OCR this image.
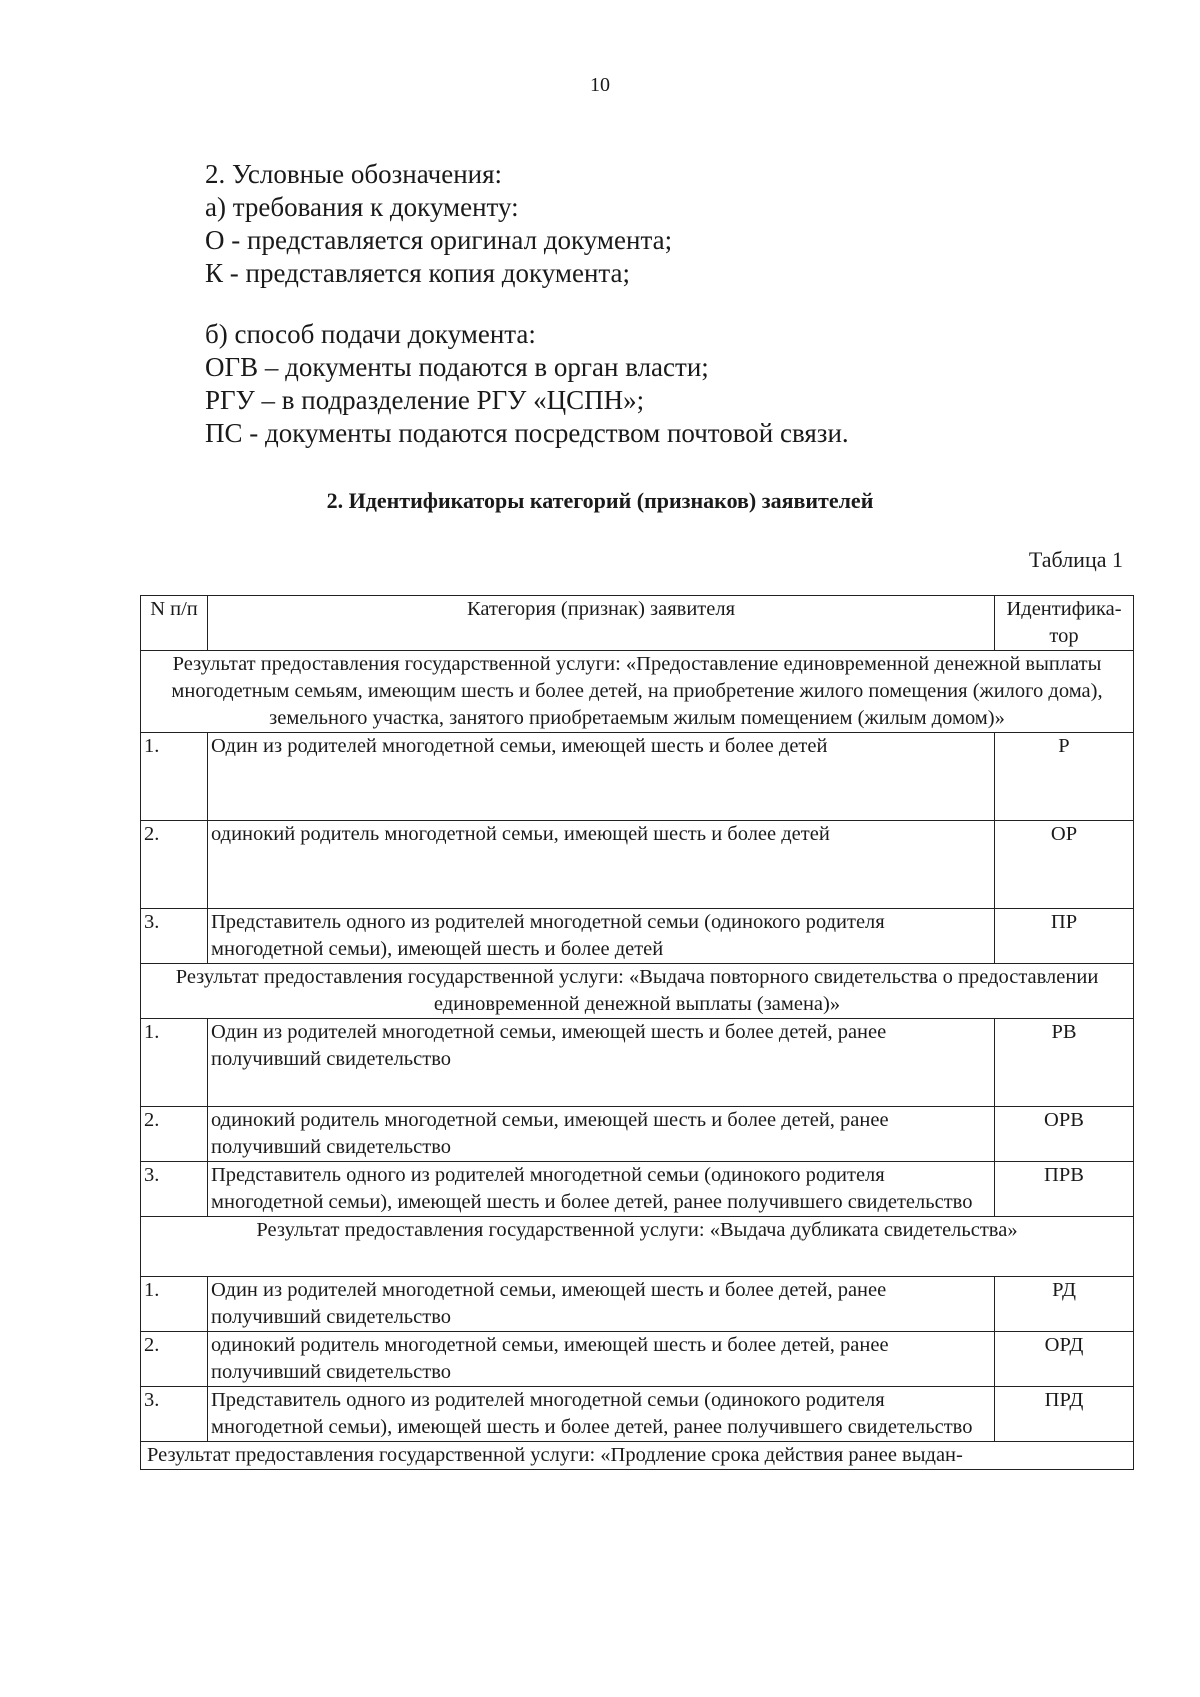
10
2. Условные обозначения:
а) требования к документу:
О - представляется оригинал документа;
К - представляется копия документа;
б) способ подачи документа:
ОГВ – документы подаются в орган власти;
РГУ – в подразделение РГУ «ЦСПН»;
ПС - документы подаются посредством почтовой связи.
2. Идентификаторы категорий (признаков) заявителей
Таблица 1
N п/п	Категория (признак) заявителя	Идентифика-тор
Результат предоставления государственной услуги: «Предоставление единовременной денежной выплаты многодетным семьям, имеющим шесть и более детей, на приобретение жилого помещения (жилого дома), земельного участка, занятого приобретаемым жилым помещением (жилым домом)»		
1.	Один из родителей многодетной семьи, имеющей шесть и более детей	Р
2.	одинокий родитель многодетной семьи, имеющей шесть и более детей	ОР
3.	Представитель одного из родителей многодетной семьи (одинокого родителя многодетной семьи), имеющей шесть и более детей	ПР
Результат предоставления государственной услуги: «Выдача повторного свидетельства о предоставлении единовременной денежной выплаты (замена)»		
1.	Один из родителей многодетной семьи, имеющей шесть и более детей, ранее получивший свидетельство	РВ
2.	одинокий родитель многодетной семьи, имеющей шесть и более детей, ранее получивший свидетельство	ОРВ
3.	Представитель одного из родителей многодетной семьи (одинокого родителя многодетной семьи), имеющей шесть и более детей, ранее получившего свидетельство	ПРВ
Результат предоставления государственной услуги: «Выдача дубликата свидетельства»		
1.	Один из родителей многодетной семьи, имеющей шесть и более детей, ранее получивший свидетельство	РД
2.	одинокий родитель многодетной семьи, имеющей шесть и более детей, ранее получивший свидетельство	ОРД
3.	Представитель одного из родителей многодетной семьи (одинокого родителя многодетной семьи), имеющей шесть и более детей, ранее получившего свидетельство	ПРД
Результат предоставления государственной услуги: «Продление срока действия ранее выдан-		
